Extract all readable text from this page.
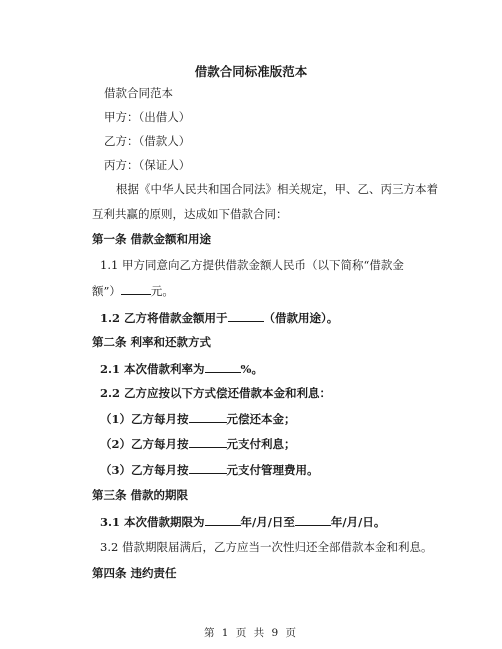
借款合同标准版范本
借款合同范本
甲方：（出借人）
乙方：（借款人）
丙方：（保证人）
根据《中华人民共和国合同法》相关规定，甲、乙、丙三方本着
互利共赢的原则，达成如下借款合同：
第一条 借款金额和用途
1.1 甲方同意向乙方提供借款金额人民币（以下简称“借款金
额”）	元。
1.2 乙方将借款金额用于	（借款用途）。
第二条 利率和还款方式
2.1 本次借款利率为	%。
2.2 乙方应按以下方式偿还借款本金和利息：
（1）乙方每月按	元偿还本金；
（2）乙方每月按	元支付利息；
（3）乙方每月按	元支付管理费用。
第三条 借款的期限
3.1 本次借款期限为	年/月/日至	年/月/日。
3.2 借款期限届满后，乙方应当一次性归还全部借款本金和利息。
第四条 违约责任
第 1 页 共 9 页
